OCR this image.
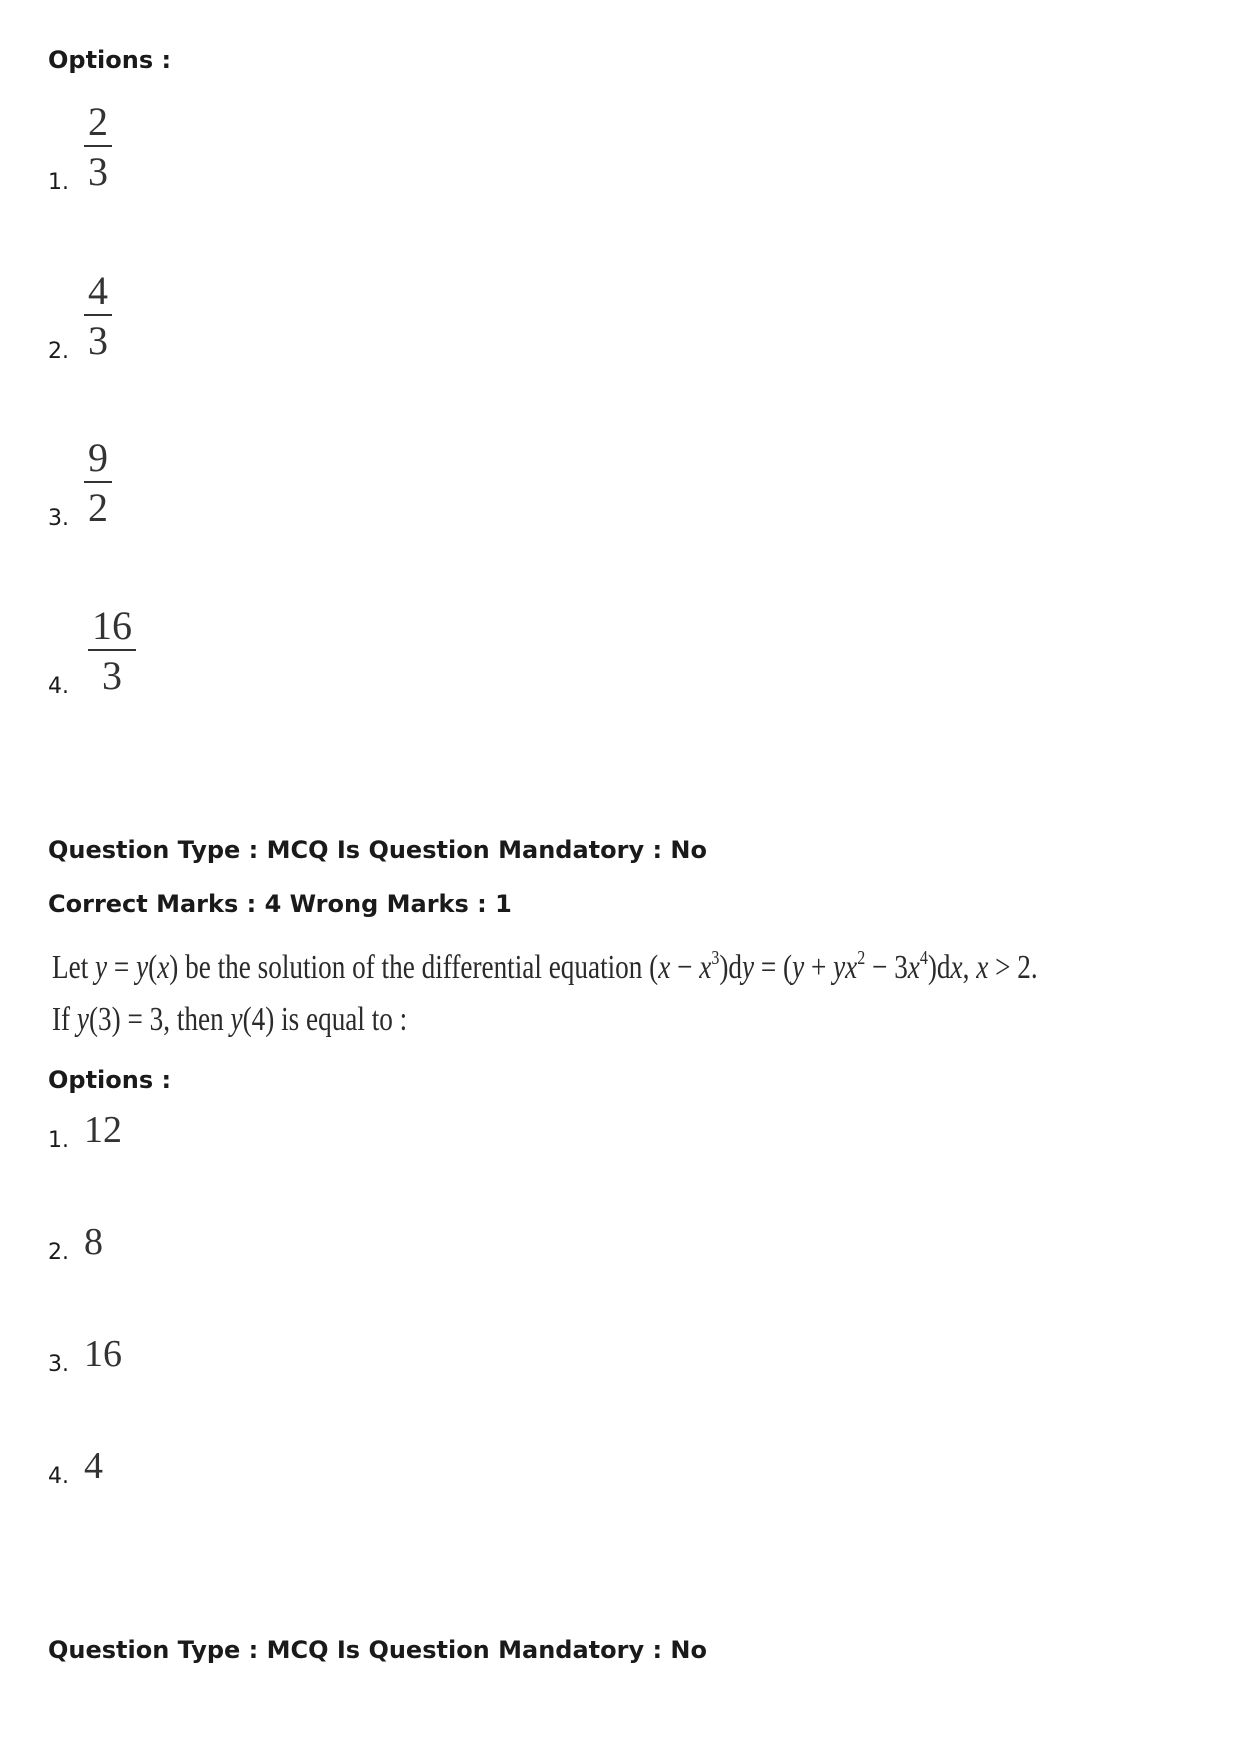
Options :
1.
2
3
2.
4
3
3.
9
2
4.
16
3
Question Type : MCQ Is Question Mandatory : No
Correct Marks : 4 Wrong Marks : 1
Let y = y(x) be the solution of the differential equation $(x - x^3)dy = (y + yx^2 - 3x^4)dx$, x > 2.
If y(3) = 3, then y(4) is equal to :
Options :
1. 12
2. 8
3. 16
4. 4
Question Type : MCQ Is Question Mandatory : No
